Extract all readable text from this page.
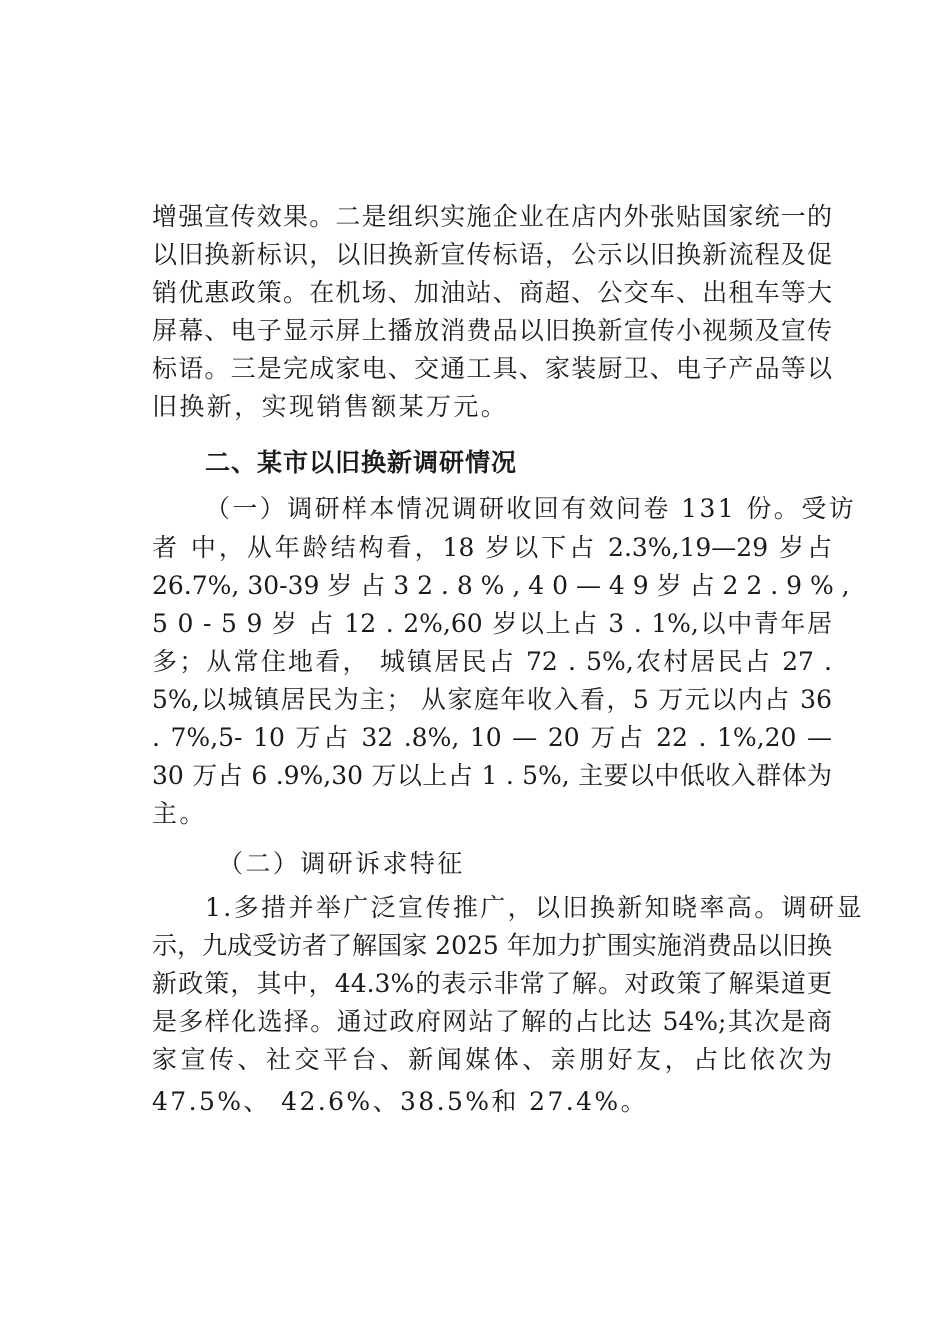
增强宣传效果。二是组织实施企业在店内外张贴国家统一的
以旧换新标识，以旧换新宣传标语，公示以旧换新流程及促
销优惠政策。在机场、加油站、商超、公交车、出租车等大
屏幕、电子显示屏上播放消费品以旧换新宣传小视频及宣传
标语。三是完成家电、交通工具、家装厨卫、电子产品等以
旧换新，实现销售额某万元。
二、某市以旧换新调研情况
（一）调研样本情况调研收回有效问卷 131 份。受访
者 中，从年龄结构看，18 岁以下占 2.3%,19—29 岁占
26.7%, 30-39 岁 占 3 2 . 8 % , 4 0 — 4 9 岁 占 2 2 . 9 % ,
5 0 - 5 9 岁 占 12 . 2%,60 岁以上占 3 . 1%,以中青年居
多；从常住地看， 城镇居民占 72 . 5%,农村居民占 27 .
5%,以城镇居民为主； 从家庭年收入看，5 万元以内占 36
. 7%,5- 10 万占 32 .8%, 10 — 20 万占 22 . 1%,20 —
30 万占 6 .9%,30 万以上占 1 . 5%, 主要以中低收入群体为
主。
（二）调研诉求特征
1.多措并举广泛宣传推广，以旧换新知晓率高。调研显
示，九成受访者了解国家 2025 年加力扩围实施消费品以旧换
新政策，其中，44.3%的表示非常了解。对政策了解渠道更
是多样化选择。通过政府网站了解的占比达 54%;其次是商
家宣传、社交平台、新闻媒体、亲朋好友，占比依次为
47.5%、 42.6%、38.5%和 27.4%。
